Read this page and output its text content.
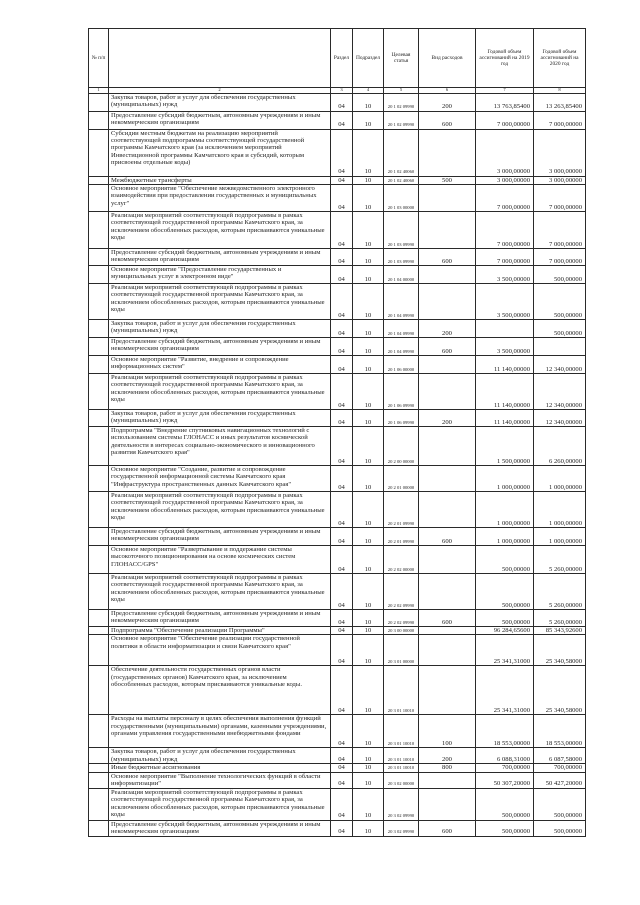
№ п/п		Раздел	Подраздел	Целевая статья	Вид расходов	Годовой объем ассигнований на 2019 год	Годовой объем ассигнований на 2020 год
1	2	3	4	5	6	7	8
	Закупка товаров, работ и услуг для обеспечения государственных (муниципальных) нужд	04	10	20 1 02 09990	200	13 763,85400	13 263,85400
	Предоставление субсидий бюджетным, автономным учреждениям и иным некоммерческим организациям	04	10	20 1 02 09990	600	7 000,00000	7 000,00000
	Субсидии местным бюджетам на реализацию мероприятий соответствующей подпрограммы соответствующей государственной программы Камчатского края (за исключением мероприятий Инвестиционной программы Камчатского края и субсидий, которым присвоены отдельные коды)	04	10	20 1 02 40060		3 000,00000	3 000,00000
	Межбюджетные трансферты	04	10	20 1 02 40060	500	3 000,00000	3 000,00000
	Основное мероприятие "Обеспечение межведомственного электронного взаимодействия при предоставлении государственных и муниципальных услуг"	04	10	20 1 03 00000		7 000,00000	7 000,00000
	Реализация мероприятий соответствующей подпрограммы в рамках соответствующей государственной программы Камчатского края, за исключением обособленных расходов, которым присваиваются уникальные коды	04	10	20 1 03 09990		7 000,00000	7 000,00000
	Предоставление субсидий бюджетным, автономным учреждениям и иным некоммерческим организациям	04	10	20 1 03 09990	600	7 000,00000	7 000,00000
	Основное мероприятие "Предоставление государственных и муниципальных услуг в электронном виде"	04	10	20 1 04 00000		3 500,00000	500,00000
	Реализация мероприятий соответствующей подпрограммы в рамках соответствующей государственной программы Камчатского края, за исключением обособленных расходов, которым присваиваются уникальные коды	04	10	20 1 04 09990		3 500,00000	500,00000
	Закупка товаров, работ и услуг для обеспечения государственных (муниципальных) нужд	04	10	20 1 04 09990	200		500,00000
	Предоставление субсидий бюджетным, автономным учреждениям и иным некоммерческим организациям	04	10	20 1 04 09990	600	3 500,00000	
	Основное мероприятие "Развитие, внедрение и сопровождение информационных систем"	04	10	20 1 06 00000		11 140,00000	12 340,00000
	Реализация мероприятий соответствующей подпрограммы в рамках соответствующей государственной программы Камчатского края, за исключением обособленных расходов, которым присваиваются уникальные коды	04	10	20 1 06 09990		11 140,00000	12 340,00000
	Закупка товаров, работ и услуг для обеспечения государственных (муниципальных) нужд	04	10	20 1 06 09990	200	11 140,00000	12 340,00000
	Подпрограмма "Внедрение спутниковых навигационных технологий с использованием системы ГЛОНАСС и иных результатов космической деятельности в интересах социально-экономического и инновационного развития Камчатского края"	04	10	20 2 00 00000		1 500,00000	6 260,00000
	Основное мероприятие "Создание, развитие и сопровождение государственной информационной системы Камчатского края "Инфраструктура пространственных данных Камчатского края"	04	10	20 2 01 00000		1 000,00000	1 000,00000
	Реализация мероприятий соответствующей подпрограммы в рамках соответствующей государственной программы Камчатского края, за исключением обособленных расходов, которым присваиваются уникальные коды	04	10	20 2 01 09990		1 000,00000	1 000,00000
	Предоставление субсидий бюджетным, автономным учреждениям и иным некоммерческим организациям	04	10	20 2 01 09990	600	1 000,00000	1 000,00000
	Основное мероприятие "Развертывание и поддержание системы высокоточного позиционирования на основе космических систем ГЛОНАСС/GPS"	04	10	20 2 02 00000		500,00000	5 260,00000
	Реализация мероприятий соответствующей подпрограммы в рамках соответствующей государственной программы Камчатского края, за исключением обособленных расходов, которым присваиваются уникальные коды	04	10	20 2 02 09990		500,00000	5 260,00000
	Предоставление субсидий бюджетным, автономным учреждениям и иным некоммерческим организациям	04	10	20 2 02 09990	600	500,00000	5 260,00000
	Подпрограмма "Обеспечение реализации Программы"	04	10	20 3 00 00000		96 284,65600	85 343,92600
	Основное мероприятие "Обеспечение реализации государственной политики в области информатизации и связи Камчатского края"	04	10	20 3 01 00000		25 341,31000	25 340,58000
	Обеспечение деятельности государственных органов власти (государственных органов) Камчатского края, за исключением обособленных расходов, которым присваиваются уникальные коды.	04	10	20 3 01 10010		25 341,31000	25 340,58000
	Расходы на выплаты персоналу в целях обеспечения выполнения функций государственными (муниципальными) органами, казенными учреждениями, органами управления государственными внебюджетными фондами	04	10	20 3 01 10010	100	18 553,00000	18 553,00000
	Закупка товаров, работ и услуг для обеспечения государственных (муниципальных) нужд	04	10	20 3 01 10010	200	6 088,31000	6 087,58000
	Иные бюджетные ассигнования	04	10	20 3 01 10010	800	700,00000	700,00000
	Основное мероприятие "Выполнение технологических функций в области информатизации"	04	10	20 3 02 00000		50 307,20000	50 427,20000
	Реализация мероприятий соответствующей подпрограммы в рамках соответствующей государственной программы Камчатского края, за исключением обособленных расходов, которым присваиваются уникальные коды	04	10	20 3 02 09990		500,00000	500,00000
	Предоставление субсидий бюджетным, автономным учреждениям и иным некоммерческим организациям	04	10	20 3 02 09990	600	500,00000	500,00000
